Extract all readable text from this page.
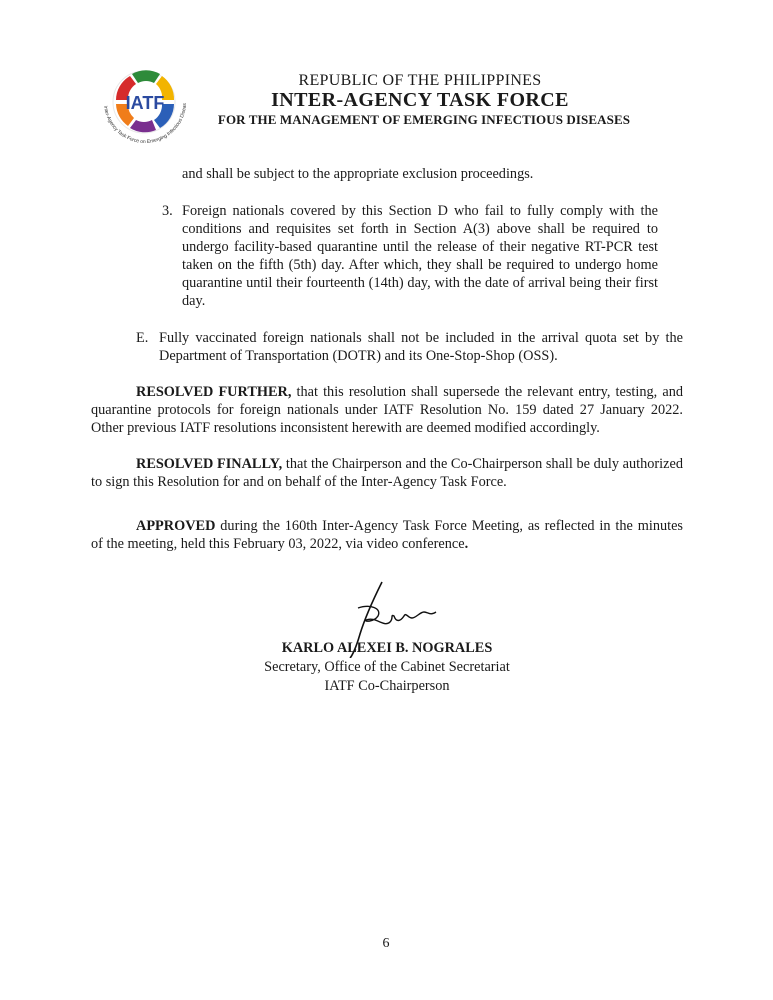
IATF
Inter-Agency Task Force on Emerging Infectious Diseas
REPUBLIC OF THE PHILIPPINES
INTER-AGENCY TASK FORCE
FOR THE MANAGEMENT OF EMERGING INFECTIOUS DISEASES
and shall be subject to the appropriate exclusion proceedings.
3. Foreign nationals covered by this Section D who fail to fully comply with the conditions and requisites set forth in Section A(3) above shall be required to undergo facility-based quarantine until the release of their negative RT-PCR test taken on the fifth (5th) day. After which, they shall be required to undergo home quarantine until their fourteenth (14th) day, with the date of arrival being their first day.
E. Fully vaccinated foreign nationals shall not be included in the arrival quota set by the Department of Transportation (DOTR) and its One-Stop-Shop (OSS).
RESOLVED FURTHER, that this resolution shall supersede the relevant entry, testing, and quarantine protocols for foreign nationals under IATF Resolution No. 159 dated 27 January 2022. Other previous IATF resolutions inconsistent herewith are deemed modified accordingly.
RESOLVED FINALLY, that the Chairperson and the Co-Chairperson shall be duly authorized to sign this Resolution for and on behalf of the Inter-Agency Task Force.
APPROVED during the 160th Inter-Agency Task Force Meeting, as reflected in the minutes of the meeting, held this February 03, 2022, via video conference.
KARLO ALEXEI B. NOGRALES
Secretary, Office of the Cabinet Secretariat
IATF Co-Chairperson
6
